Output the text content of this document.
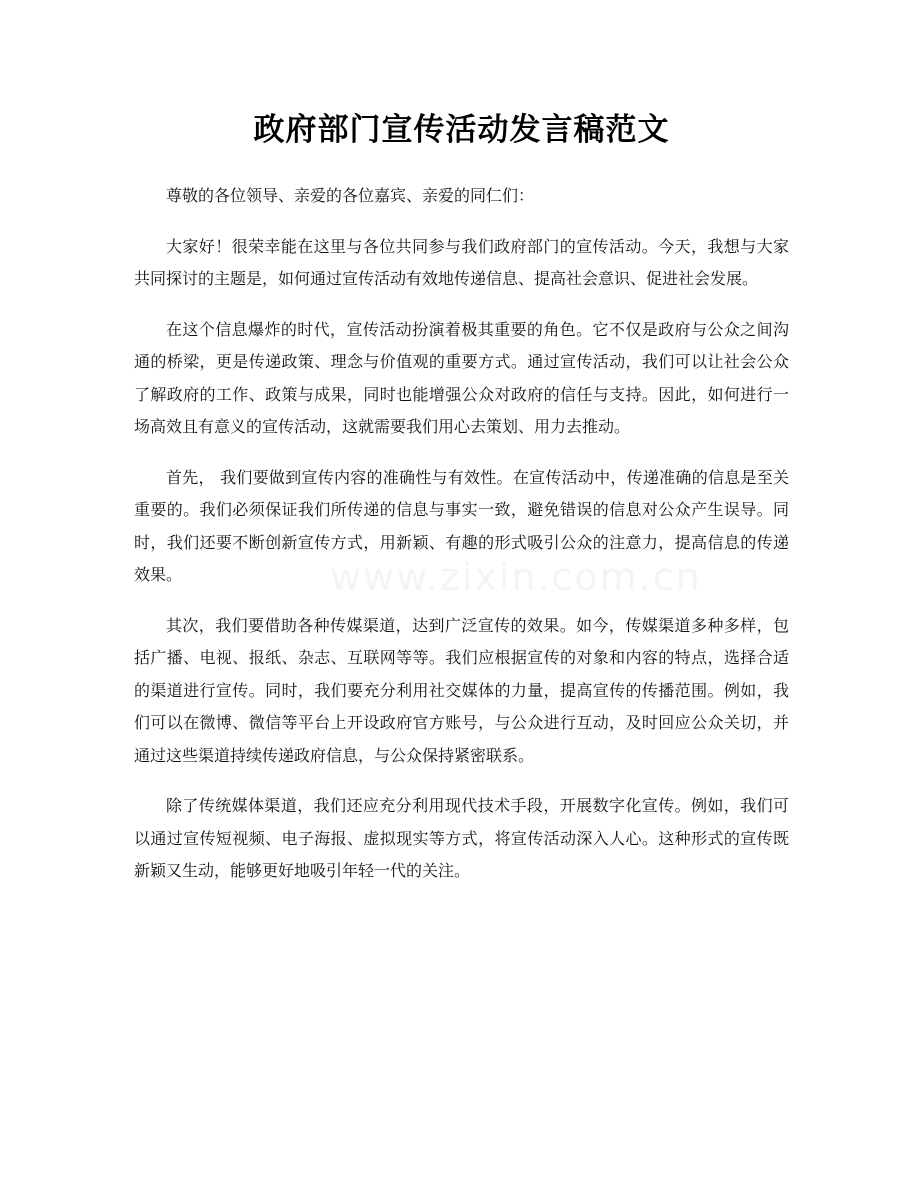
政府部门宣传活动发言稿范文

尊敬的各位领导、亲爱的各位嘉宾、亲爱的同仁们：

大家好！很荣幸能在这里与各位共同参与我们政府部门的宣传活动。今天，我想与大家共同探讨的主题是，如何通过宣传活动有效地传递信息、提高社会意识、促进社会发展。

在这个信息爆炸的时代，宣传活动扮演着极其重要的角色。它不仅是政府与公众之间沟通的桥梁，更是传递政策、理念与价值观的重要方式。通过宣传活动，我们可以让社会公众了解政府的工作、政策与成果，同时也能增强公众对政府的信任与支持。因此，如何进行一场高效且有意义的宣传活动，这就需要我们用心去策划、用力去推动。

首先， 我们要做到宣传内容的准确性与有效性。在宣传活动中，传递准确的信息是至关重要的。我们必须保证我们所传递的信息与事实一致，避免错误的信息对公众产生误导。同时，我们还要不断创新宣传方式，用新颖、有趣的形式吸引公众的注意力，提高信息的传递效果。

其次，我们要借助各种传媒渠道，达到广泛宣传的效果。如今，传媒渠道多种多样，包括广播、电视、报纸、杂志、互联网等等。我们应根据宣传的对象和内容的特点，选择合适的渠道进行宣传。同时，我们要充分利用社交媒体的力量，提高宣传的传播范围。例如，我们可以在微博、微信等平台上开设政府官方账号，与公众进行互动，及时回应公众关切，并通过这些渠道持续传递政府信息，与公众保持紧密联系。

除了传统媒体渠道，我们还应充分利用现代技术手段，开展数字化宣传。例如，我们可以通过宣传短视频、电子海报、虚拟现实等方式，将宣传活动深入人心。这种形式的宣传既新颖又生动，能够更好地吸引年轻一代的关注。
